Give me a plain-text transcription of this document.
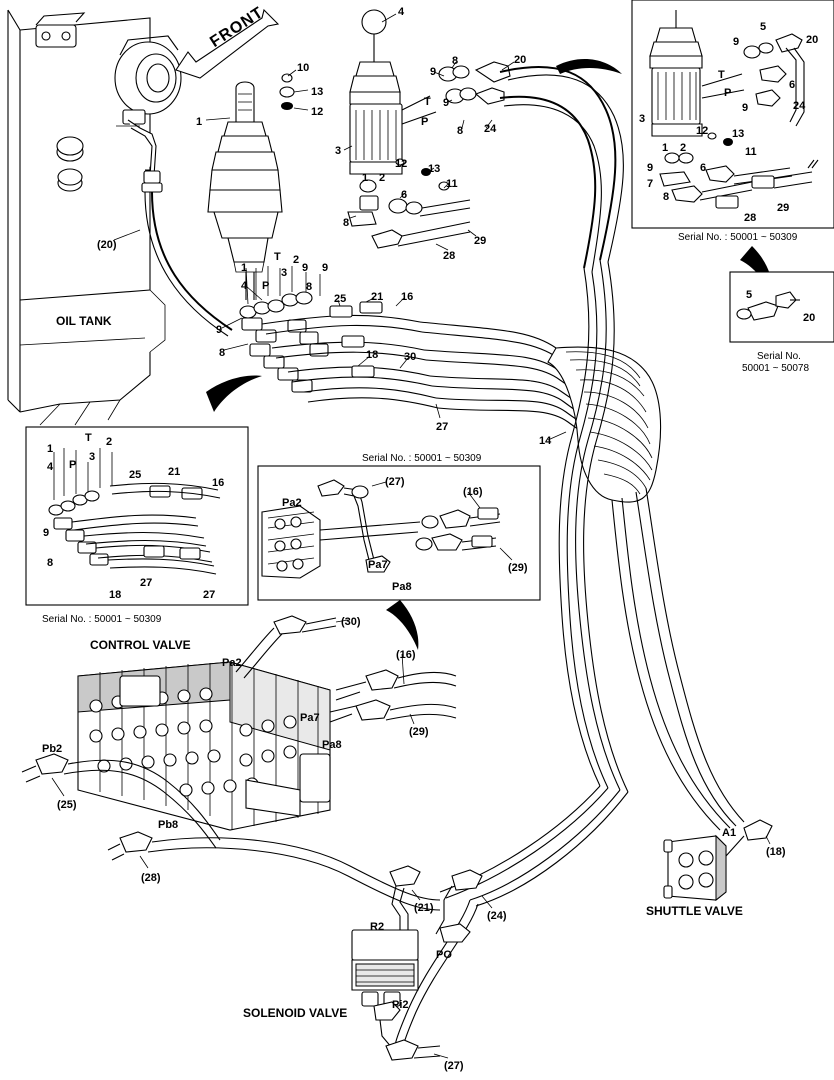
OIL TANK
CONTROL VALVE
SHUTTLE VALVE
SOLENOID VALVE
FRONT
Serial No. : 50001 ~ 50309
Serial No.
50001 ~ 50078
Serial No. : 50001 ~ 50309
Serial No. : 50001 ~ 50309
Pa2
Pa7
Pa8
Pa2
Pa7
Pa8
Pb2
Pb8
A1
R2
PO
Pi2
4
10
13
12
1
3
12 13
11
1 2
9
8	20
T
P
9
8 24
6
8
28
29
(20)
1
T 2
3 9 9
4 P	8
25 21 16
9
8	18 30
27
14
(30)
(16)
(29)
(25)
(28)
(21)
(24)
(18)
(27)
5
9	20
T
6
P
24
9
3
12 13
1 2	11
9	6
7
8
28
29
5
20
1
T 2
3
4 P
25 21
16
9
8
18
27
27
(27)
(16)
(29)
